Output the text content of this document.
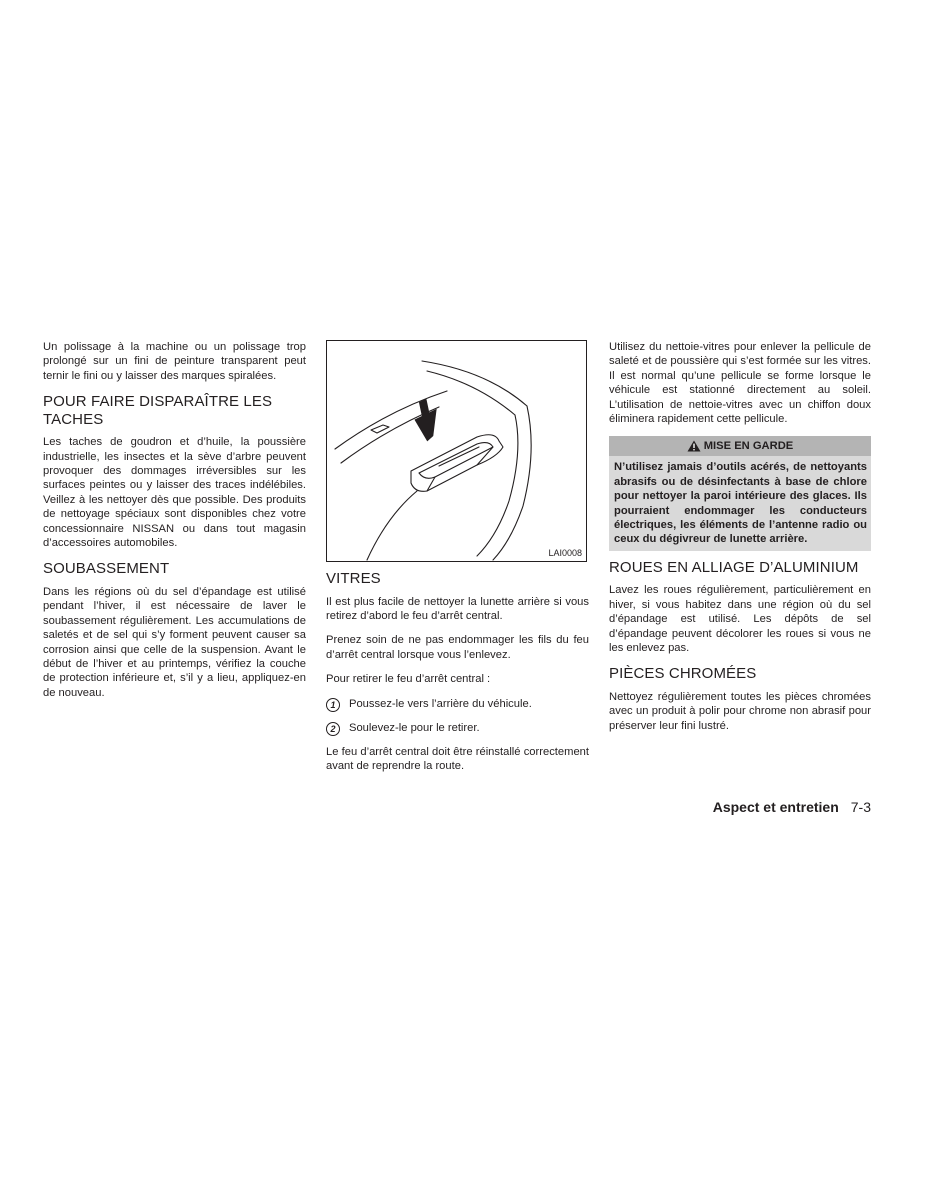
Un polissage à la machine ou un polissage trop prolongé sur un fini de peinture transparent peut ternir le fini ou y laisser des marques spiralées.

POUR FAIRE DISPARAÎTRE LES TACHES

Les taches de goudron et d’huile, la poussière industrielle, les insectes et la sève d’arbre peuvent provoquer des dommages irréversibles sur les surfaces peintes ou y laisser des traces indélébiles. Veillez à les nettoyer dès que possible. Des produits de nettoyage spéciaux sont disponibles chez votre concessionnaire NISSAN ou dans tout magasin d’accessoires automobiles.

SOUBASSEMENT

Dans les régions où du sel d’épandage est utilisé pendant l’hiver, il est nécessaire de laver le soubassement régulièrement. Les accumulations de saletés et de sel qui s’y forment peuvent causer sa corrosion ainsi que celle de la suspension. Avant le début de l’hiver et au printemps, vérifiez la couche de protection inférieure et, s’il y a lieu, appliquez-en de nouveau.

LAI0008
VITRES

Il est plus facile de nettoyer la lunette arrière si vous retirez d’abord le feu d’arrêt central.

Prenez soin de ne pas endommager les fils du feu d’arrêt central lorsque vous l’enlevez.

Pour retirer le feu d’arrêt central :

1	Poussez-le vers l’arrière du véhicule.
2	Soulevez-le pour le retirer.

Le feu d’arrêt central doit être réinstallé correctement avant de reprendre la route.

Utilisez du nettoie-vitres pour enlever la pellicule de saleté et de poussière qui s’est formée sur les vitres. Il est normal qu’une pellicule se forme lorsque le véhicule est stationné directement au soleil. L’utilisation de nettoie-vitres avec un chiffon doux éliminera rapidement cette pellicule.

MISE EN GARDE
N’utilisez jamais d’outils acérés, de nettoyants abrasifs ou de désinfectants à base de chlore pour nettoyer la paroi intérieure des glaces. Ils pourraient endommager les conducteurs électriques, les éléments de l’antenne radio ou ceux du dégivreur de lunette arrière.
ROUES EN ALLIAGE D’ALUMINIUM

Lavez les roues régulièrement, particulièrement en hiver, si vous habitez dans une région où du sel d’épandage est utilisé. Les dépôts de sel d’épandage peuvent décolorer les roues si vous ne les enlevez pas.

PIÈCES CHROMÉES

Nettoyez régulièrement toutes les pièces chromées avec un produit à polir pour chrome non abrasif pour préserver leur fini lustré.

Aspect et entretien 7-3
